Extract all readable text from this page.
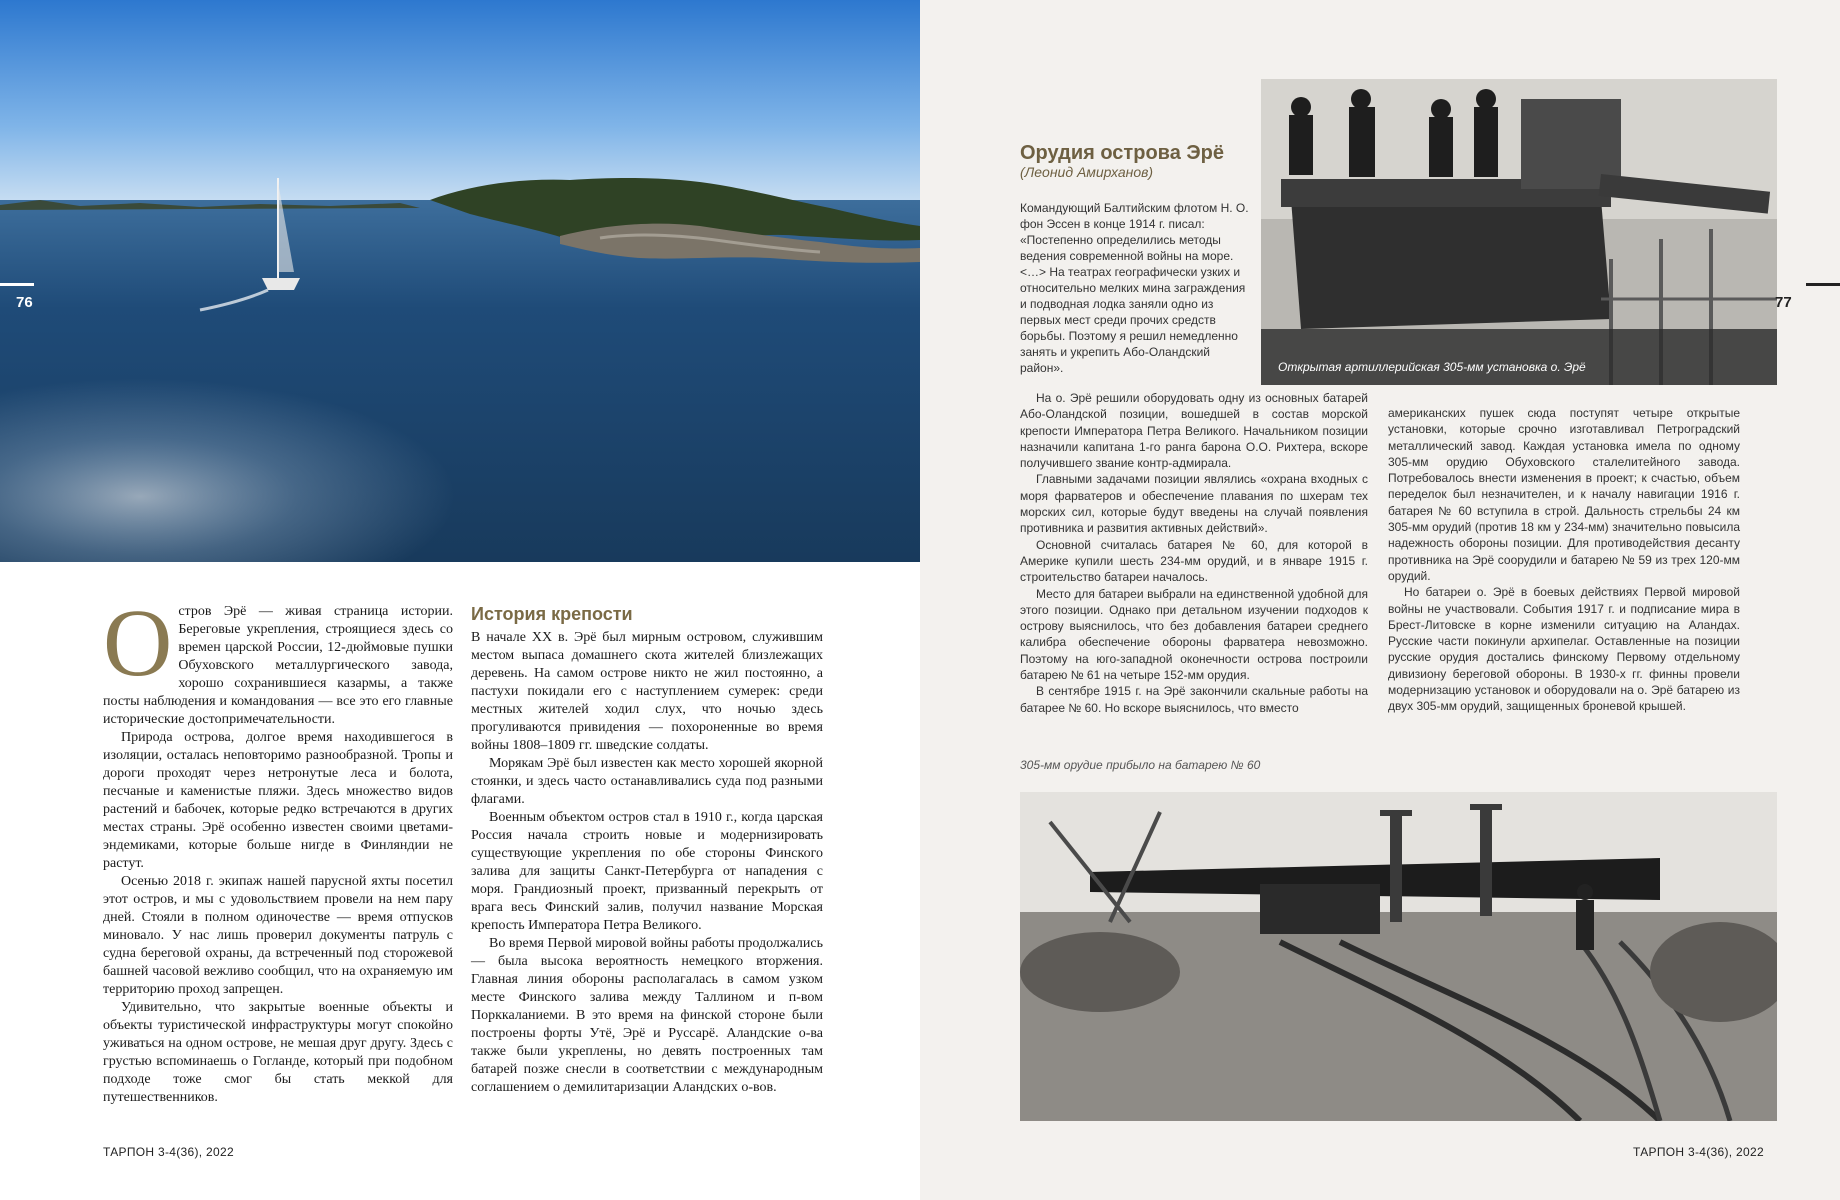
76
О стров Эрё — живая страница истории. Береговые укрепления, строящиеся здесь со времен царской России, 12-дюймовые пушки Обуховского металлургического завода, хорошо сохранившиеся казармы, а также посты наблюдения и командования — все это его главные исторические достопримечательности.

Природа острова, долгое время находившегося в изоляции, осталась неповторимо разнообразной. Тропы и дороги проходят через нетронутые леса и болота, песчаные и каменистые пляжи. Здесь множество видов растений и бабочек, которые редко встречаются в других местах страны. Эрё особенно известен своими цветами-эндемиками, которые больше нигде в Финляндии не растут.

Осенью 2018 г. экипаж нашей парусной яхты посетил этот остров, и мы с удовольствием провели на нем пару дней. Стояли в полном одиночестве — время отпусков миновало. У нас лишь проверил документы патруль с судна береговой охраны, да встреченный под сторожевой башней часовой вежливо сообщил, что на охраняемую им территорию проход запрещен.

Удивительно, что закрытые военные объекты и объекты туристической инфраструктуры могут спокойно уживаться на одном острове, не мешая друг другу. Здесь с грустью вспоминаешь о Гогланде, который при подобном подходе тоже смог бы стать меккой для путешественников.

История крепости

В начале XX в. Эрё был мирным островом, служившим местом выпаса домашнего скота жителей близлежащих деревень. На самом острове никто не жил постоянно, а пастухи покидали его с наступлением сумерек: среди местных жителей ходил слух, что ночью здесь прогуливаются привидения — похороненные во время войны 1808–1809 гг. шведские солдаты.

Морякам Эрё был известен как место хорошей якорной стоянки, и здесь часто останавливались суда под разными флагами.

Военным объектом остров стал в 1910 г., когда царская Россия начала строить новые и модернизировать существующие укрепления по обе стороны Финского залива для защиты Санкт-Петербурга от нападения с моря. Грандиозный проект, призванный перекрыть от врага весь Финский залив, получил название Морская крепость Императора Петра Великого.

Во время Первой мировой войны работы продолжались — была высока вероятность немецкого вторжения. Главная линия обороны располагалась в самом узком месте Финского залива между Таллином и п-вом Порккаланиеми. В это время на финской стороне были построены форты Утё, Эрё и Руссарё. Аландские о-ва также были укреплены, но девять построенных там батарей позже снесли в соответствии с международным соглашением о демилитаризации Аландских о-вов.

ТАРПОН 3-4(36), 2022
Орудия острова Эрё
(Леонид Амирханов)
Командующий Балтийским флотом Н. О. фон Эссен в конце 1914 г. писал: «Постепенно определились методы ведения современной войны на море. <…> На театрах географически узких и относительно мелких мина заграждения и подводная лодка заняли одно из первых мест среди прочих средств борьбы. Поэтому я решил немедленно занять и укрепить Або-Оландский район».	Открытая артиллерийская 305-мм установка о. Эрё
77

На о. Эрё решили оборудовать одну из основных батарей Або-Оландской позиции, вошедшей в состав морской крепости Императора Петра Великого. Начальником позиции назначили капитана 1-го ранга барона О.О. Рихтера, вскоре получившего звание контр-адмирала.

Главными задачами позиции являлись «охрана входных с моря фарватеров и обеспечение плавания по шхерам тех морских сил, которые будут введены на случай появления противника и развития активных действий».

Основной считалась батарея № 60, для которой в Америке купили шесть 234-мм орудий, и в январе 1915 г. строительство батареи началось.

Место для батареи выбрали на единственной удобной для этого позиции. Однако при детальном изучении подходов к острову выяснилось, что без добавления батареи среднего калибра обеспечение обороны фарватера невозможно. Поэтому на юго-западной оконечности острова построили батарею № 61 на четыре 152-мм орудия.

В сентябре 1915 г. на Эрё закончили скальные работы на батарее № 60. Но вскоре выяснилось, что вместо

американских пушек сюда поступят четыре открытые установки, которые срочно изготавливал Петроградский металлический завод. Каждая установка имела по одному 305-мм орудию Обуховского сталелитейного завода. Потребовалось внести изменения в проект; к счастью, объем переделок был незначителен, и к началу навигации 1916 г. батарея № 60 вступила в строй. Дальность стрельбы 24 км 305-мм орудий (против 18 км у 234-мм) значительно повысила надежность обороны позиции. Для противодействия десанту противника на Эрё соорудили и батарею № 59 из трех 120-мм орудий.

Но батареи о. Эрё в боевых действиях Первой мировой войны не участвовали. События 1917 г. и подписание мира в Брест-Литовске в корне изменили ситуацию на Аландах. Русские части покинули архипелаг. Оставленные на позиции русские орудия достались финскому Первому отдельному дивизиону береговой обороны. В 1930-х гг. финны провели модернизацию установок и оборудовали на о. Эрё батарею из двух 305-мм орудий, защищенных броневой крышей.

305-мм орудие прибыло на батарею № 60
ТАРПОН 3-4(36), 2022
